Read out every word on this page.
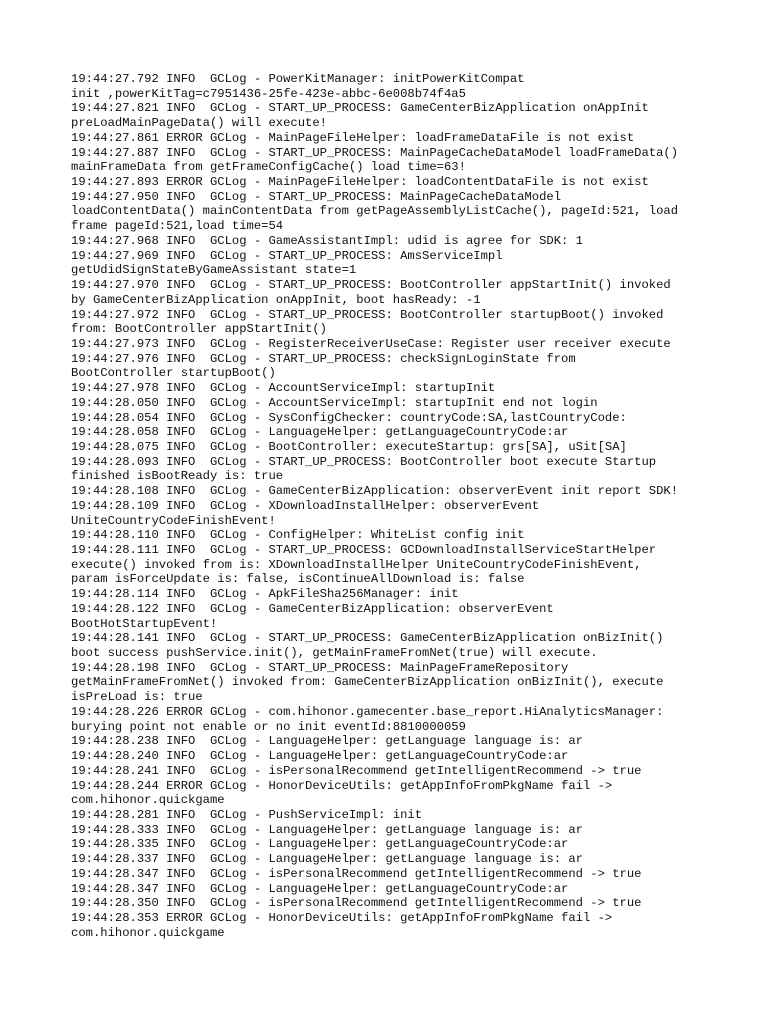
19:44:27.792 INFO  GCLog - PowerKitManager: initPowerKitCompat
init ,powerKitTag=c7951436-25fe-423e-abbc-6e008b74f4a5
19:44:27.821 INFO  GCLog - START_UP_PROCESS: GameCenterBizApplication onAppInit
preLoadMainPageData() will execute!
19:44:27.861 ERROR GCLog - MainPageFileHelper: loadFrameDataFile is not exist
19:44:27.887 INFO  GCLog - START_UP_PROCESS: MainPageCacheDataModel loadFrameData()
mainFrameData from getFrameConfigCache() load time=63!
19:44:27.893 ERROR GCLog - MainPageFileHelper: loadContentDataFile is not exist
19:44:27.950 INFO  GCLog - START_UP_PROCESS: MainPageCacheDataModel
loadContentData() mainContentData from getPageAssemblyListCache(), pageId:521, load
frame pageId:521,load time=54
19:44:27.968 INFO  GCLog - GameAssistantImpl: udid is agree for SDK: 1
19:44:27.969 INFO  GCLog - START_UP_PROCESS: AmsServiceImpl
getUdidSignStateByGameAssistant state=1
19:44:27.970 INFO  GCLog - START_UP_PROCESS: BootController appStartInit() invoked
by GameCenterBizApplication onAppInit, boot hasReady: -1
19:44:27.972 INFO  GCLog - START_UP_PROCESS: BootController startupBoot() invoked
from: BootController appStartInit()
19:44:27.973 INFO  GCLog - RegisterReceiverUseCase: Register user receiver execute
19:44:27.976 INFO  GCLog - START_UP_PROCESS: checkSignLoginState from
BootController startupBoot()
19:44:27.978 INFO  GCLog - AccountServiceImpl: startupInit
19:44:28.050 INFO  GCLog - AccountServiceImpl: startupInit end not login
19:44:28.054 INFO  GCLog - SysConfigChecker: countryCode:SA,lastCountryCode:
19:44:28.058 INFO  GCLog - LanguageHelper: getLanguageCountryCode:ar
19:44:28.075 INFO  GCLog - BootController: executeStartup: grs[SA], uSit[SA]
19:44:28.093 INFO  GCLog - START_UP_PROCESS: BootController boot execute Startup
finished isBootReady is: true
19:44:28.108 INFO  GCLog - GameCenterBizApplication: observerEvent init report SDK!
19:44:28.109 INFO  GCLog - XDownloadInstallHelper: observerEvent
UniteCountryCodeFinishEvent!
19:44:28.110 INFO  GCLog - ConfigHelper: WhiteList config init
19:44:28.111 INFO  GCLog - START_UP_PROCESS: GCDownloadInstallServiceStartHelper
execute() invoked from is: XDownloadInstallHelper UniteCountryCodeFinishEvent,
param isForceUpdate is: false, isContinueAllDownload is: false
19:44:28.114 INFO  GCLog - ApkFileSha256Manager: init
19:44:28.122 INFO  GCLog - GameCenterBizApplication: observerEvent
BootHotStartupEvent!
19:44:28.141 INFO  GCLog - START_UP_PROCESS: GameCenterBizApplication onBizInit()
boot success pushService.init(), getMainFrameFromNet(true) will execute.
19:44:28.198 INFO  GCLog - START_UP_PROCESS: MainPageFrameRepository
getMainFrameFromNet() invoked from: GameCenterBizApplication onBizInit(), execute
isPreLoad is: true
19:44:28.226 ERROR GCLog - com.hihonor.gamecenter.base_report.HiAnalyticsManager:
burying point not enable or no init eventId:8810000059
19:44:28.238 INFO  GCLog - LanguageHelper: getLanguage language is: ar
19:44:28.240 INFO  GCLog - LanguageHelper: getLanguageCountryCode:ar
19:44:28.241 INFO  GCLog - isPersonalRecommend getIntelligentRecommend -> true
19:44:28.244 ERROR GCLog - HonorDeviceUtils: getAppInfoFromPkgName fail ->
com.hihonor.quickgame
19:44:28.281 INFO  GCLog - PushServiceImpl: init
19:44:28.333 INFO  GCLog - LanguageHelper: getLanguage language is: ar
19:44:28.335 INFO  GCLog - LanguageHelper: getLanguageCountryCode:ar
19:44:28.337 INFO  GCLog - LanguageHelper: getLanguage language is: ar
19:44:28.347 INFO  GCLog - isPersonalRecommend getIntelligentRecommend -> true
19:44:28.347 INFO  GCLog - LanguageHelper: getLanguageCountryCode:ar
19:44:28.350 INFO  GCLog - isPersonalRecommend getIntelligentRecommend -> true
19:44:28.353 ERROR GCLog - HonorDeviceUtils: getAppInfoFromPkgName fail ->
com.hihonor.quickgame
